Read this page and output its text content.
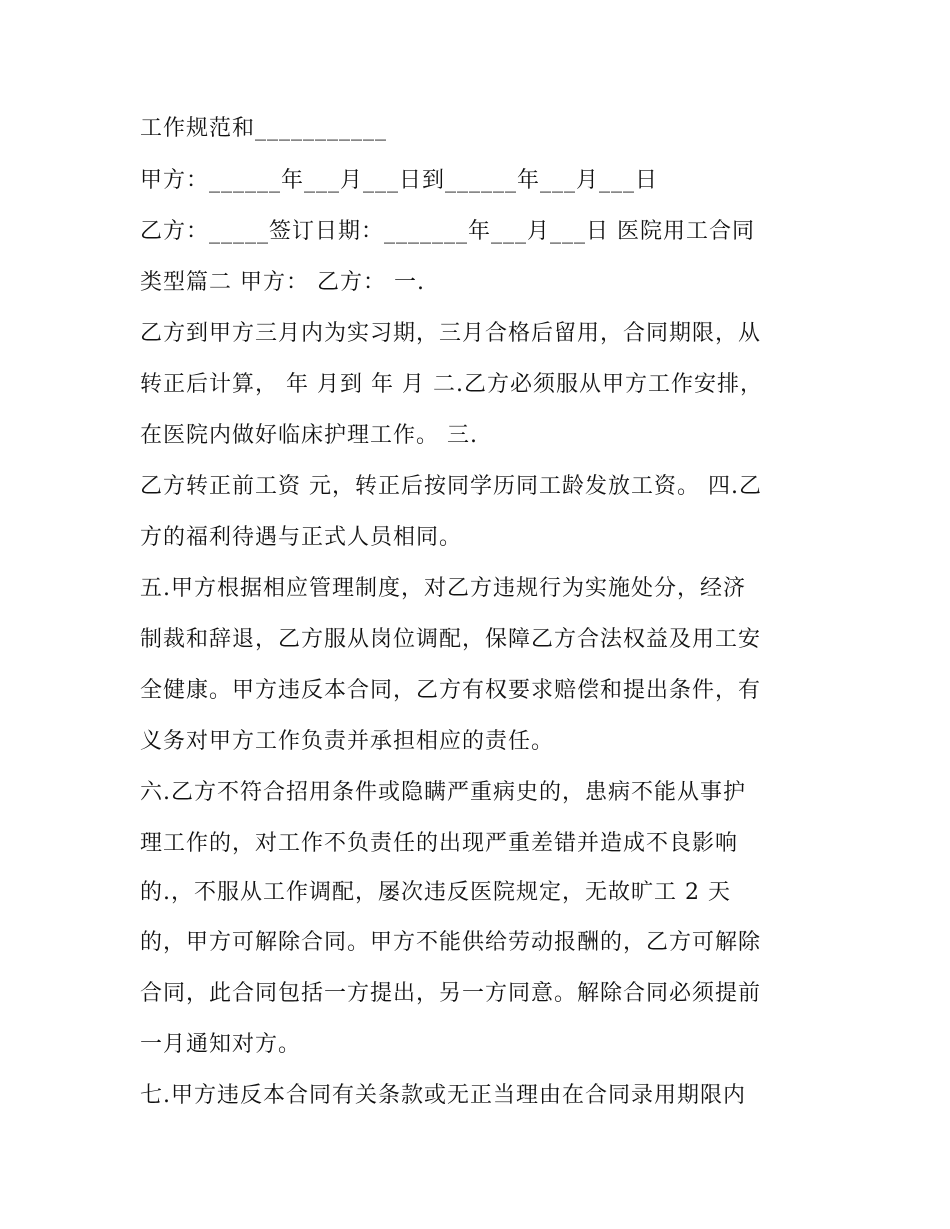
工作规范和___________
甲方：______年___月___日到______年___月___日
乙方：_____签订日期：_______年___月___日 医院用工合同
类型篇二 甲方： 乙方： 一.
乙方到甲方三月内为实习期，三月合格后留用，合同期限，从
转正后计算， 年 月到 年 月 二.乙方必须服从甲方工作安排，
在医院内做好临床护理工作。 三.
乙方转正前工资 元，转正后按同学历同工龄发放工资。 四.乙
方的福利待遇与正式人员相同。
五.甲方根据相应管理制度，对乙方违规行为实施处分，经济
制裁和辞退，乙方服从岗位调配，保障乙方合法权益及用工安
全健康。甲方违反本合同，乙方有权要求赔偿和提出条件，有
义务对甲方工作负责并承担相应的责任。
六.乙方不符合招用条件或隐瞒严重病史的，患病不能从事护
理工作的，对工作不负责任的出现严重差错并造成不良影响
的.，不服从工作调配，屡次违反医院规定，无故旷工 2 天
的，甲方可解除合同。甲方不能供给劳动报酬的，乙方可解除
合同，此合同包括一方提出，另一方同意。解除合同必须提前
一月通知对方。
七.甲方违反本合同有关条款或无正当理由在合同录用期限内
